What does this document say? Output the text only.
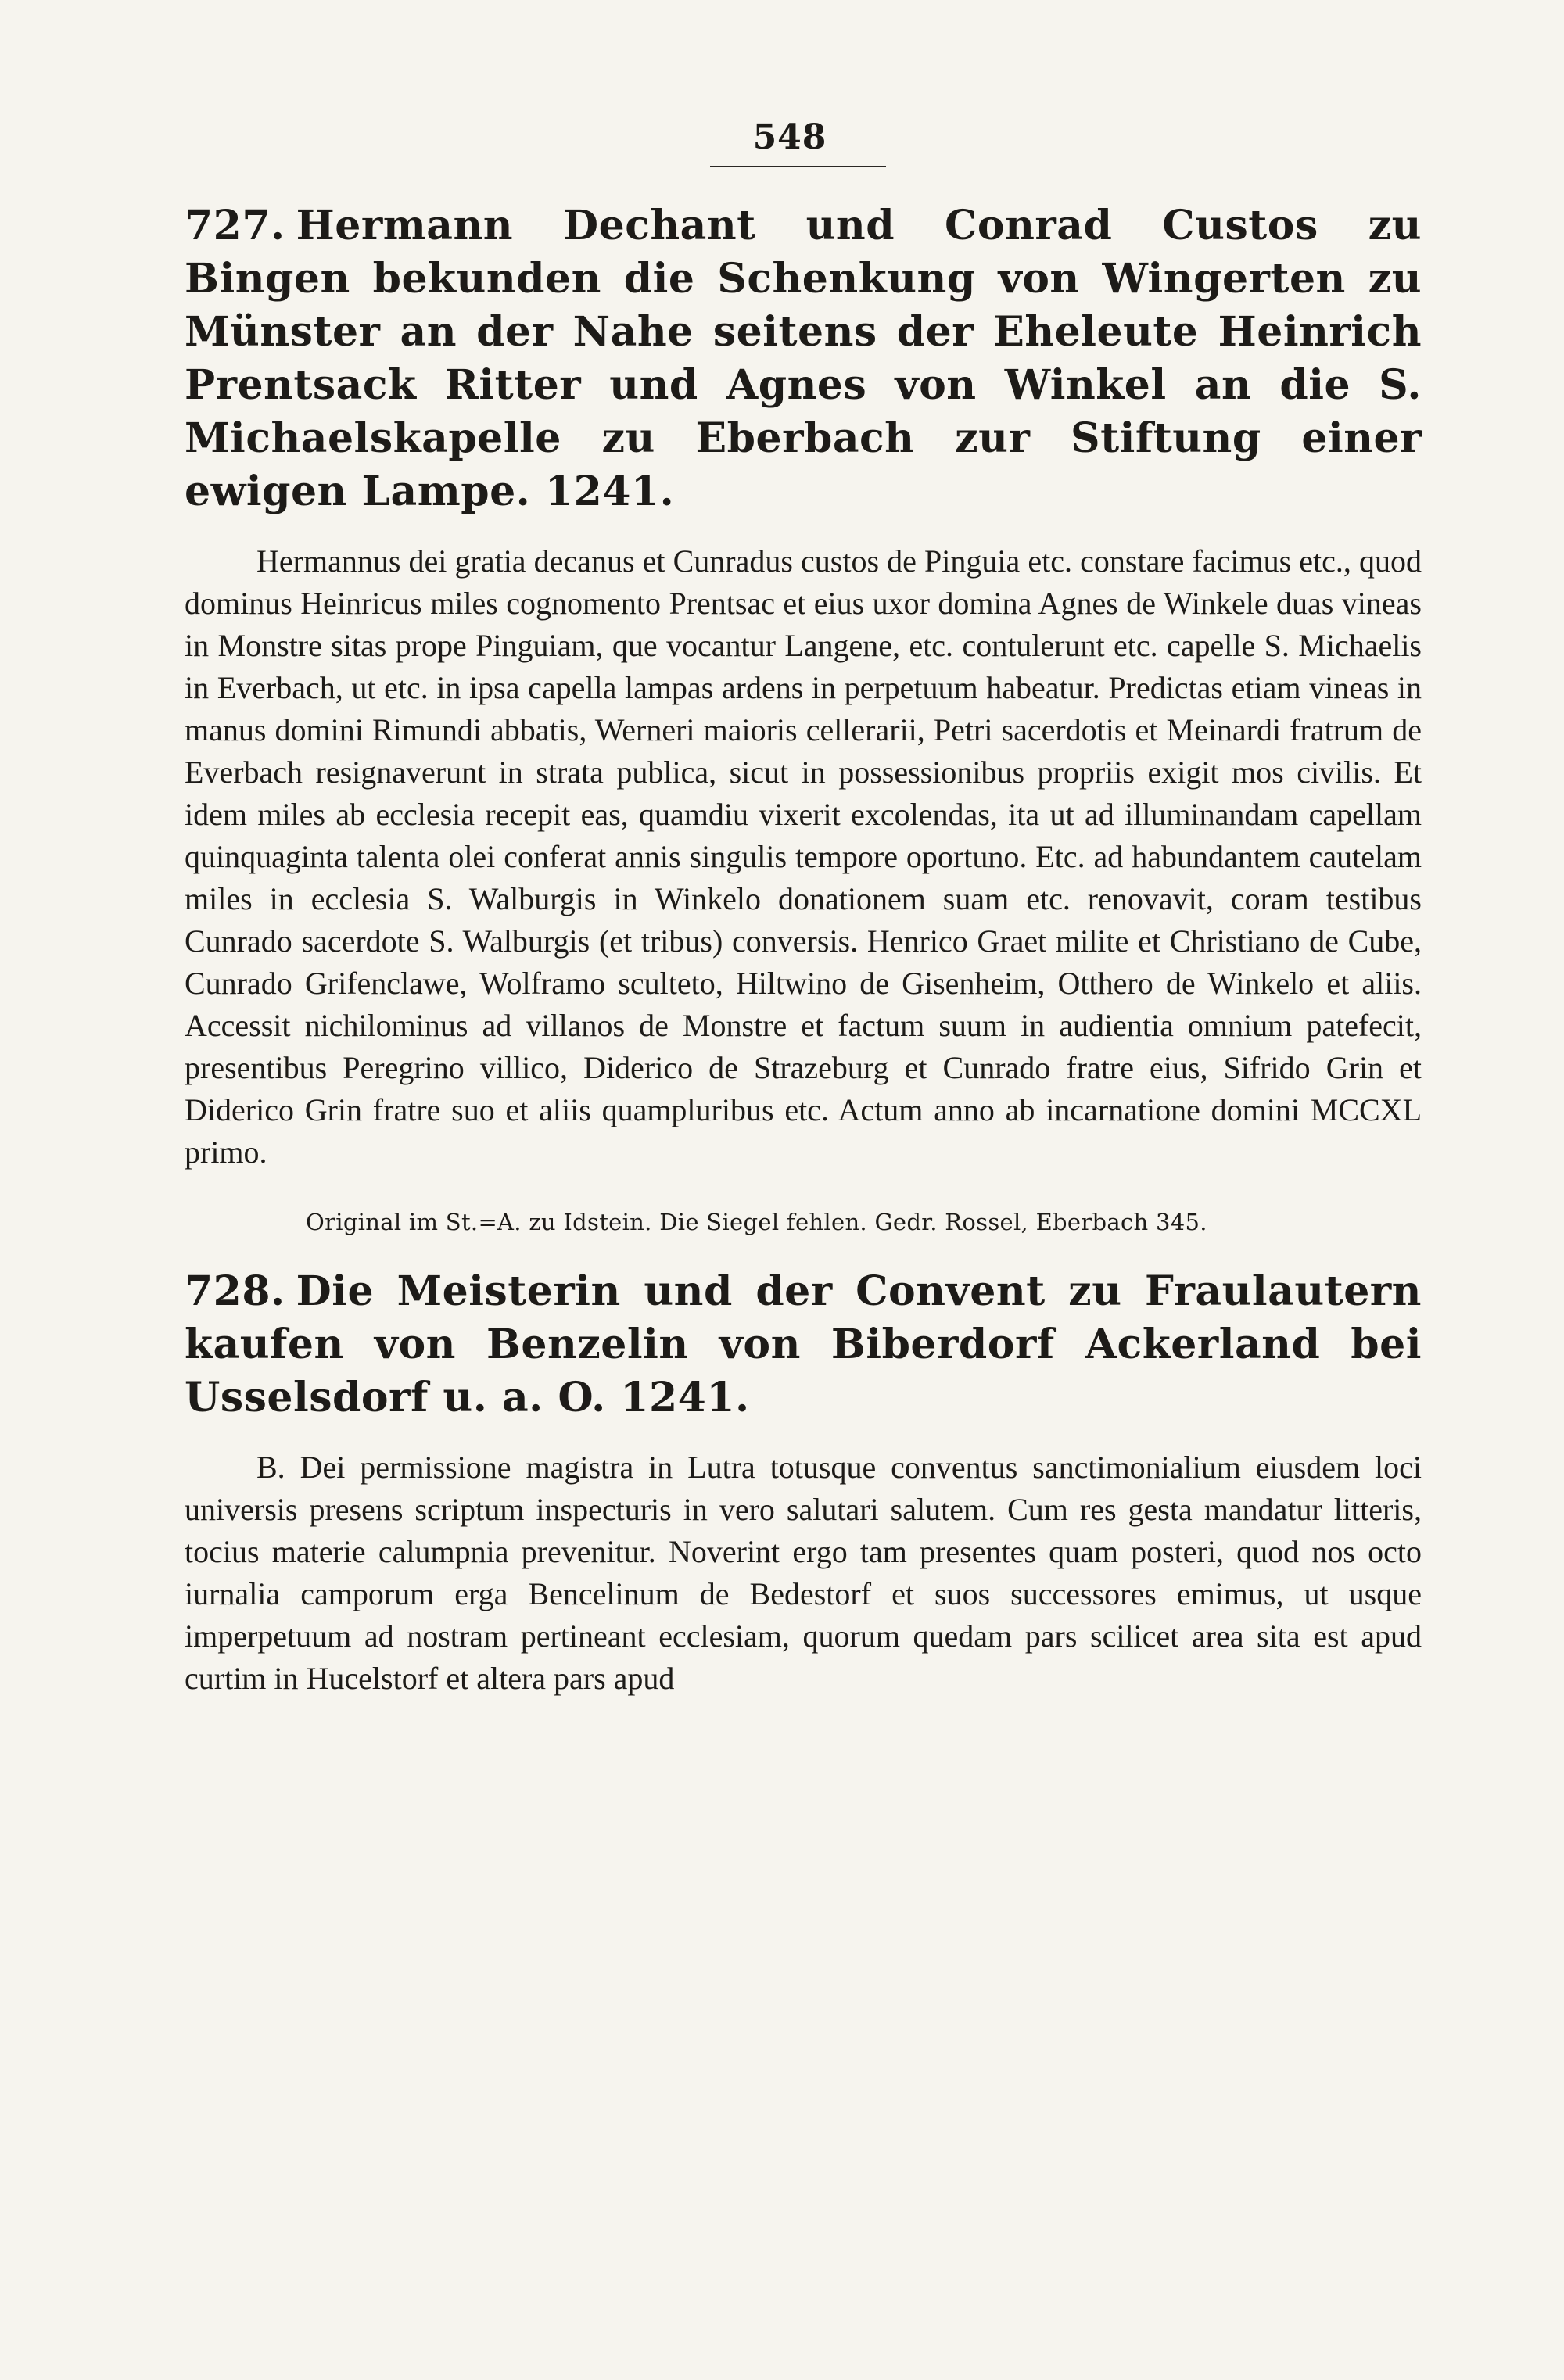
548
727. Hermann Dechant und Conrad Custos zu Bingen bekunden die Schenkung von Wingerten zu Münster an der Nahe seitens der Eheleute Heinrich Prentsack Ritter und Agnes von Winkel an die S. Michaelskapelle zu Eberbach zur Stiftung einer ewigen Lampe. 1241.
Hermannus dei gratia decanus et Cunradus custos de Pinguia etc. constare facimus etc., quod dominus Heinricus miles cognomento Prentsac et eius uxor domina Agnes de Winkele duas vineas in Monstre sitas prope Pinguiam, que vocantur Langene, etc. contulerunt etc. capelle S. Michaelis in Everbach, ut etc. in ipsa capella lampas ardens in perpetuum habeatur. Predictas etiam vineas in manus domini Rimundi abbatis, Werneri maioris cellerarii, Petri sacerdotis et Meinardi fratrum de Everbach resignaverunt in strata publica, sicut in possessionibus propriis exigit mos civilis. Et idem miles ab ecclesia recepit eas, quamdiu vixerit excolendas, ita ut ad illuminandam capellam quinquaginta talenta olei conferat annis singulis tempore oportuno. Etc. ad habundantem cautelam miles in ecclesia S. Walburgis in Winkelo donationem suam etc. renovavit, coram testibus Cunrado sacerdote S. Walburgis (et tribus) conversis. Henrico Graet milite et Christiano de Cube, Cunrado Grifenclawe, Wolframo sculteto, Hiltwino de Gisenheim, Otthero de Winkelo et aliis. Accessit nichilominus ad villanos de Monstre et factum suum in audientia omnium patefecit, presentibus Peregrino villico, Diderico de Strazeburg et Cunrado fratre eius, Sifrido Grin et Diderico Grin fratre suo et aliis quampluribus etc. Actum anno ab incarnatione domini MCCXL primo.
Original im St.=A. zu Idstein. Die Siegel fehlen. Gedr. Rossel, Eberbach 345.
728. Die Meisterin und der Convent zu Fraulautern kaufen von Benzelin von Biberdorf Ackerland bei Usselsdorf u. a. O. 1241.
B. Dei permissione magistra in Lutra totusque conventus sanctimonialium eiusdem loci universis presens scriptum inspecturis in vero salutari salutem. Cum res gesta mandatur litteris, tocius materie calumpnia prevenitur. Noverint ergo tam presentes quam posteri, quod nos octo iurnalia camporum erga Bencelinum de Bedestorf et suos successores emimus, ut usque imperpetuum ad nostram pertineant ecclesiam, quorum quedam pars scilicet area sita est apud curtim in Hucelstorf et altera pars apud
